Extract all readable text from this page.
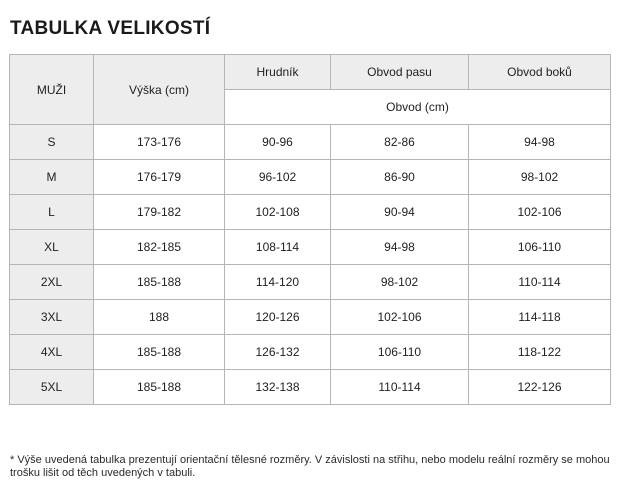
TABULKA VELIKOSTÍ
MUŽI	Výška (cm)	Hrudník	Obvod pasu	Obvod boků
		Obvod (cm)		
S	173-176	90-96	82-86	94-98
M	176-179	96-102	86-90	98-102
L	179-182	102-108	90-94	102-106
XL	182-185	108-114	94-98	106-110
2XL	185-188	114-120	98-102	110-114
3XL	188	120-126	102-106	114-118
4XL	185-188	126-132	106-110	118-122
5XL	185-188	132-138	110-114	122-126

* Výše uvedená tabulka prezentují orientační tělesné rozměry. V závislosti na střihu, nebo modelu reální rozměry se mohou trošku lišit od těch uvedených v tabuli.
